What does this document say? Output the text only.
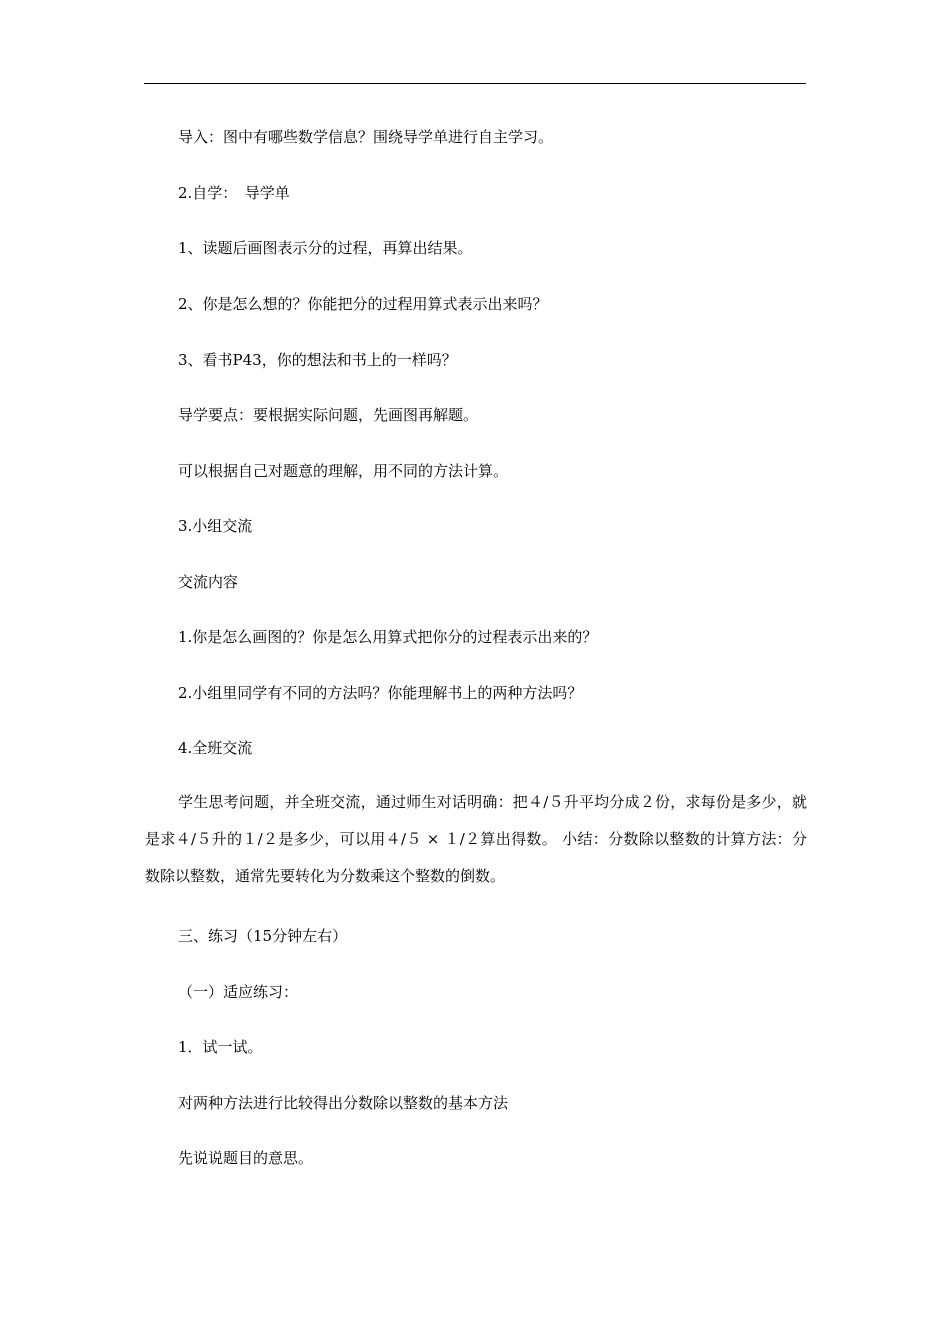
导入：图中有哪些数学信息？围绕导学单进行自主学习。
2.自学：　导学单
1、读题后画图表示分的过程，再算出结果。
2、你是怎么想的？你能把分的过程用算式表示出来吗？
3、看书P43，你的想法和书上的一样吗？
导学要点：要根据实际问题，先画图再解题。
可以根据自己对题意的理解，用不同的方法计算。
3.小组交流
交流内容
1.你是怎么画图的？你是怎么用算式把你分的过程表示出来的？
2.小组里同学有不同的方法吗？你能理解书上的两种方法吗？
4.全班交流
学生思考问题，并全班交流，通过师生对话明确：把４/５升平均分成２份，求每份是多少，就是求４/５升的１/２是多少，可以用４/５ × １/２算出得数。 小结：分数除以整数的计算方法：分数除以整数，通常先要转化为分数乘这个整数的倒数。
三、练习（15分钟左右）
（一）适应练习：
1．试一试。
对两种方法进行比较得出分数除以整数的基本方法
先说说题目的意思。
